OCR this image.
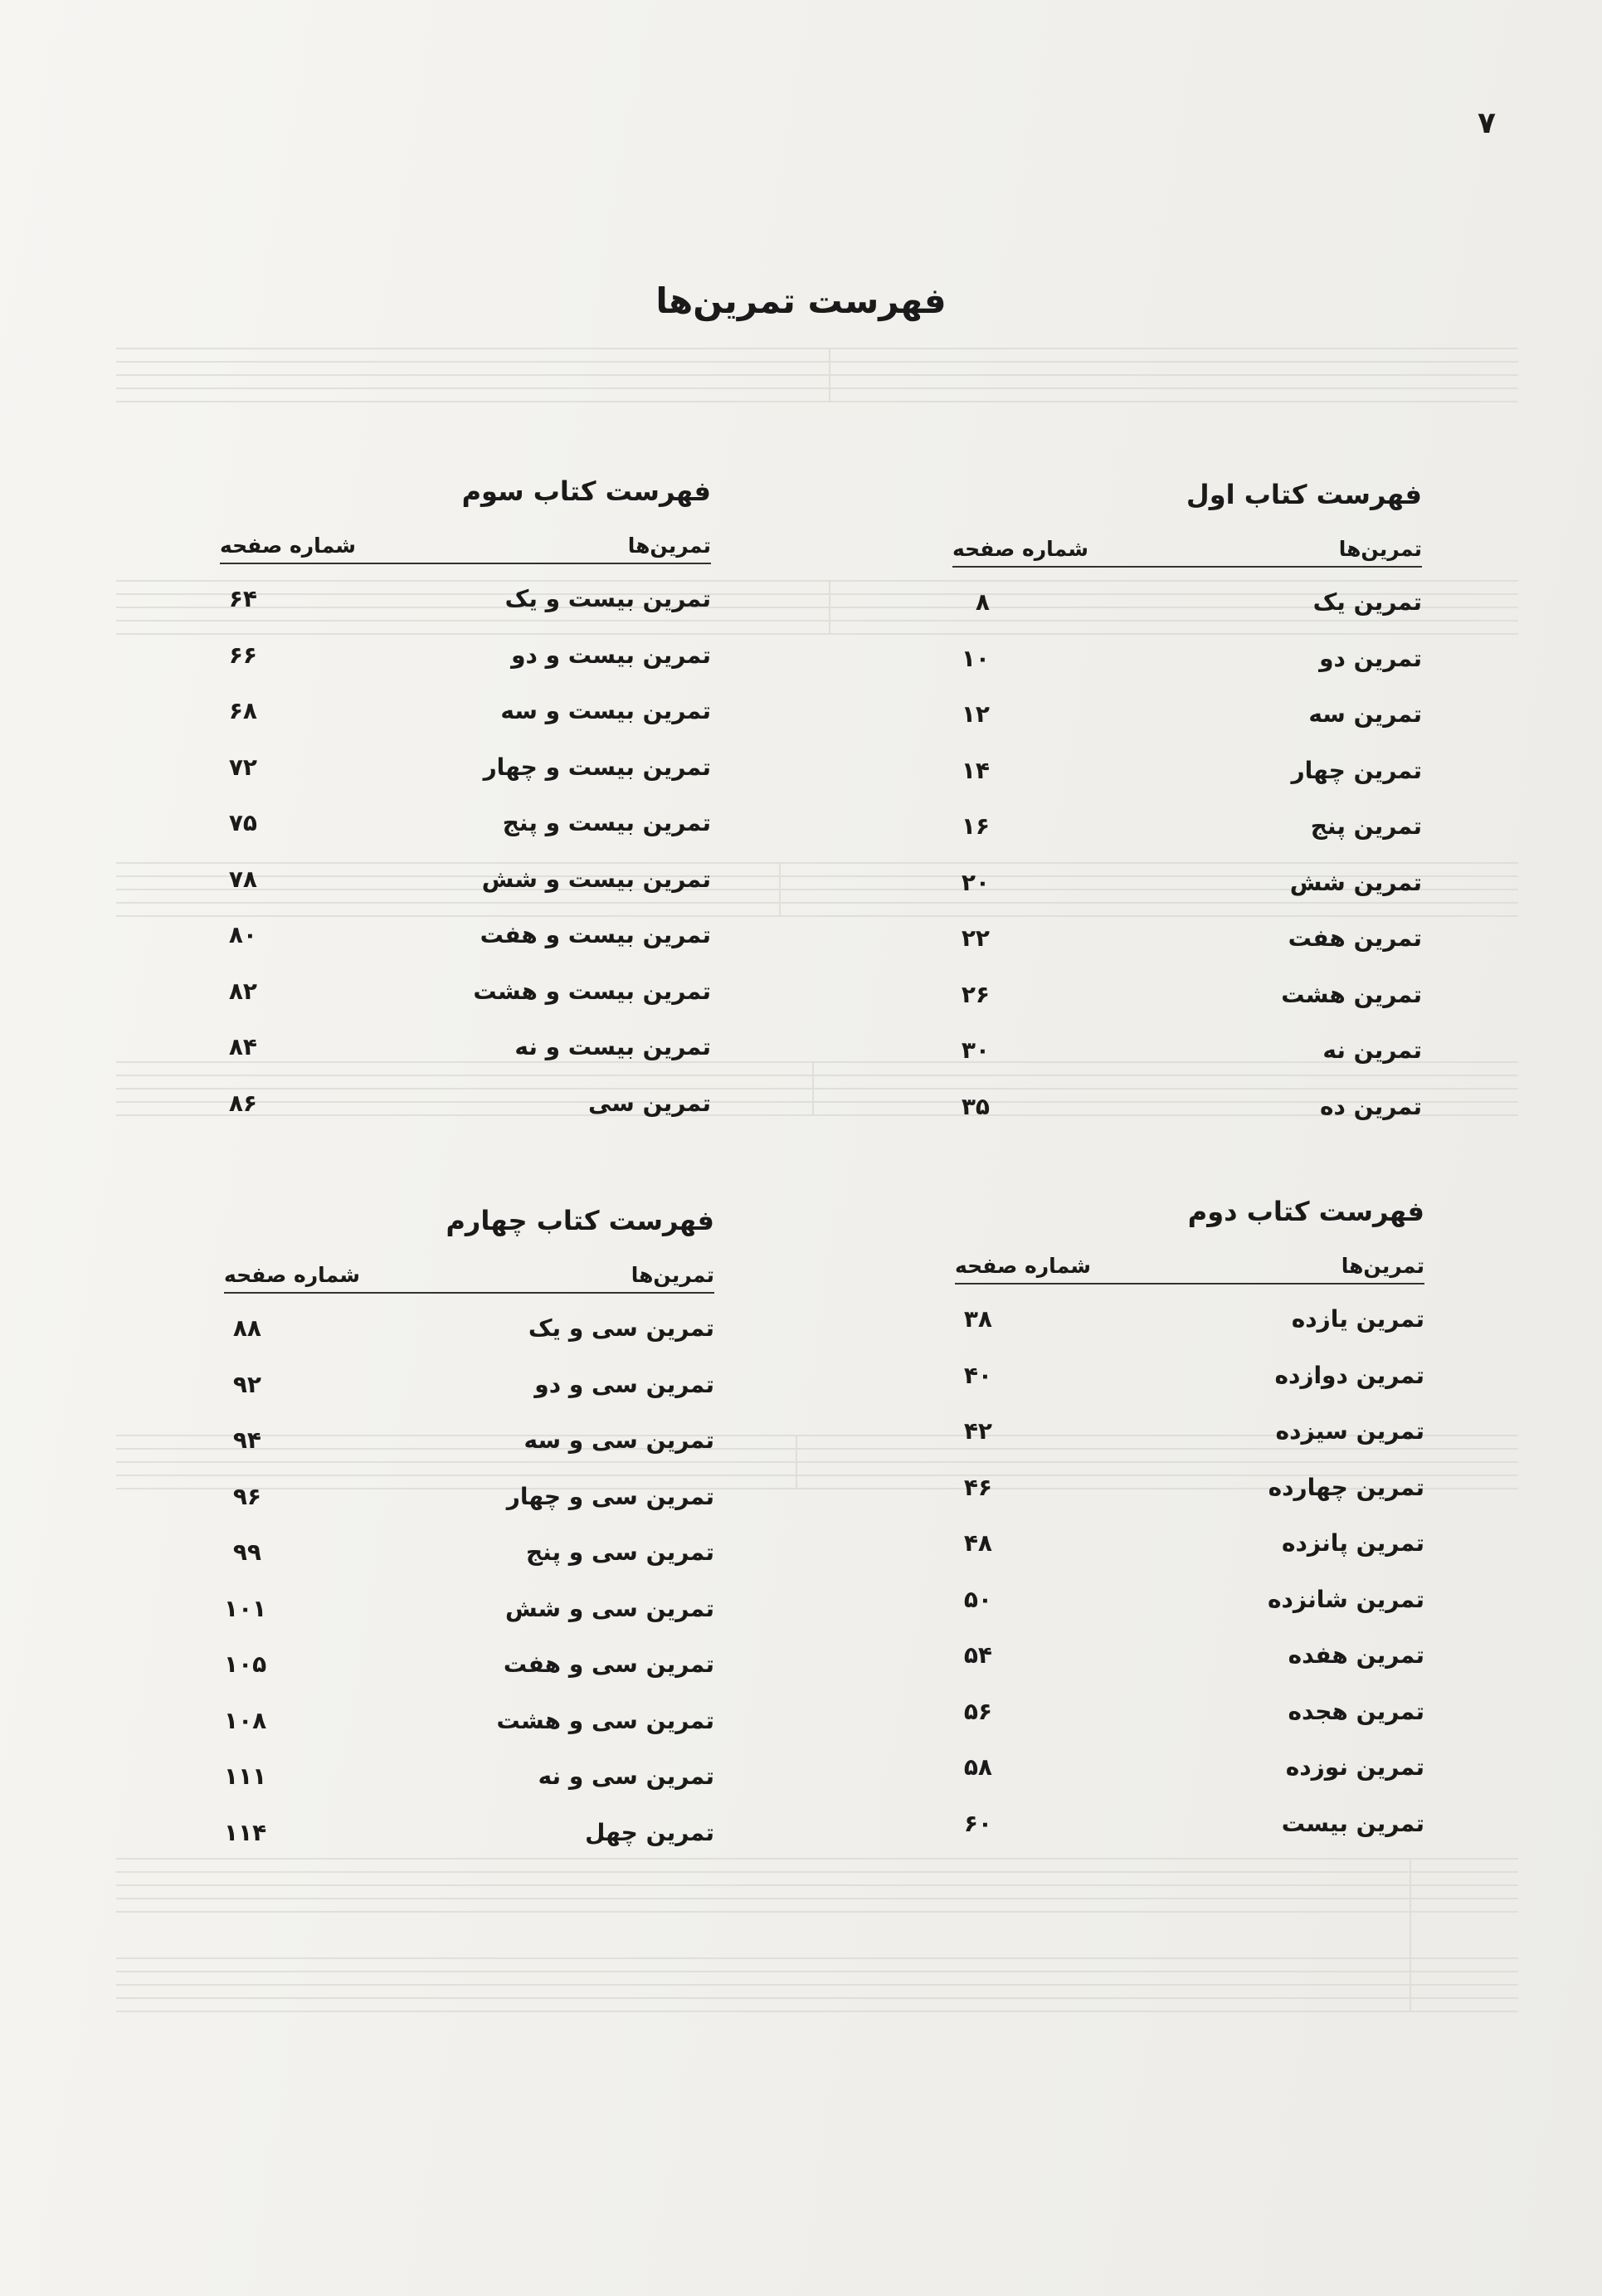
۷

فهرست تمرین‌ها
فهرست کتاب اول
تمرین‌ها
شماره صفحه
تمرین یک
۸
تمرین دو
۱۰
تمرین سه
۱۲
تمرین چهار
۱۴
تمرین پنج
۱۶
تمرین شش
۲۰
تمرین هفت
۲۲
تمرین هشت
۲۶
تمرین نه
۳۰
تمرین ده
۳۵
فهرست کتاب دوم
تمرین‌ها
شماره صفحه
تمرین یازده
۳۸
تمرین دوازده
۴۰
تمرین سیزده
۴۲
تمرین چهارده
۴۶
تمرین پانزده
۴۸
تمرین شانزده
۵۰
تمرین هفده
۵۴
تمرین هجده
۵۶
تمرین نوزده
۵۸
تمرین بیست
۶۰
فهرست کتاب سوم
تمرین‌ها
شماره صفحه
تمرین بیست و یک
۶۴
تمرین بیست و دو
۶۶
تمرین بیست و سه
۶۸
تمرین بیست و چهار
۷۲
تمرین بیست و پنج
۷۵
تمرین بیست و شش
۷۸
تمرین بیست و هفت
۸۰
تمرین بیست و هشت
۸۲
تمرین بیست و نه
۸۴
تمرین سی
۸۶
فهرست کتاب چهارم
تمرین‌ها
شماره صفحه
تمرین سی و یک
۸۸
تمرین سی و دو
۹۲
تمرین سی و سه
۹۴
تمرین سی و چهار
۹۶
تمرین سی و پنج
۹۹
تمرین سی و شش
۱۰۱
تمرین سی و هفت
۱۰۵
تمرین سی و هشت
۱۰۸
تمرین سی و نه
۱۱۱
تمرین چهل
۱۱۴
